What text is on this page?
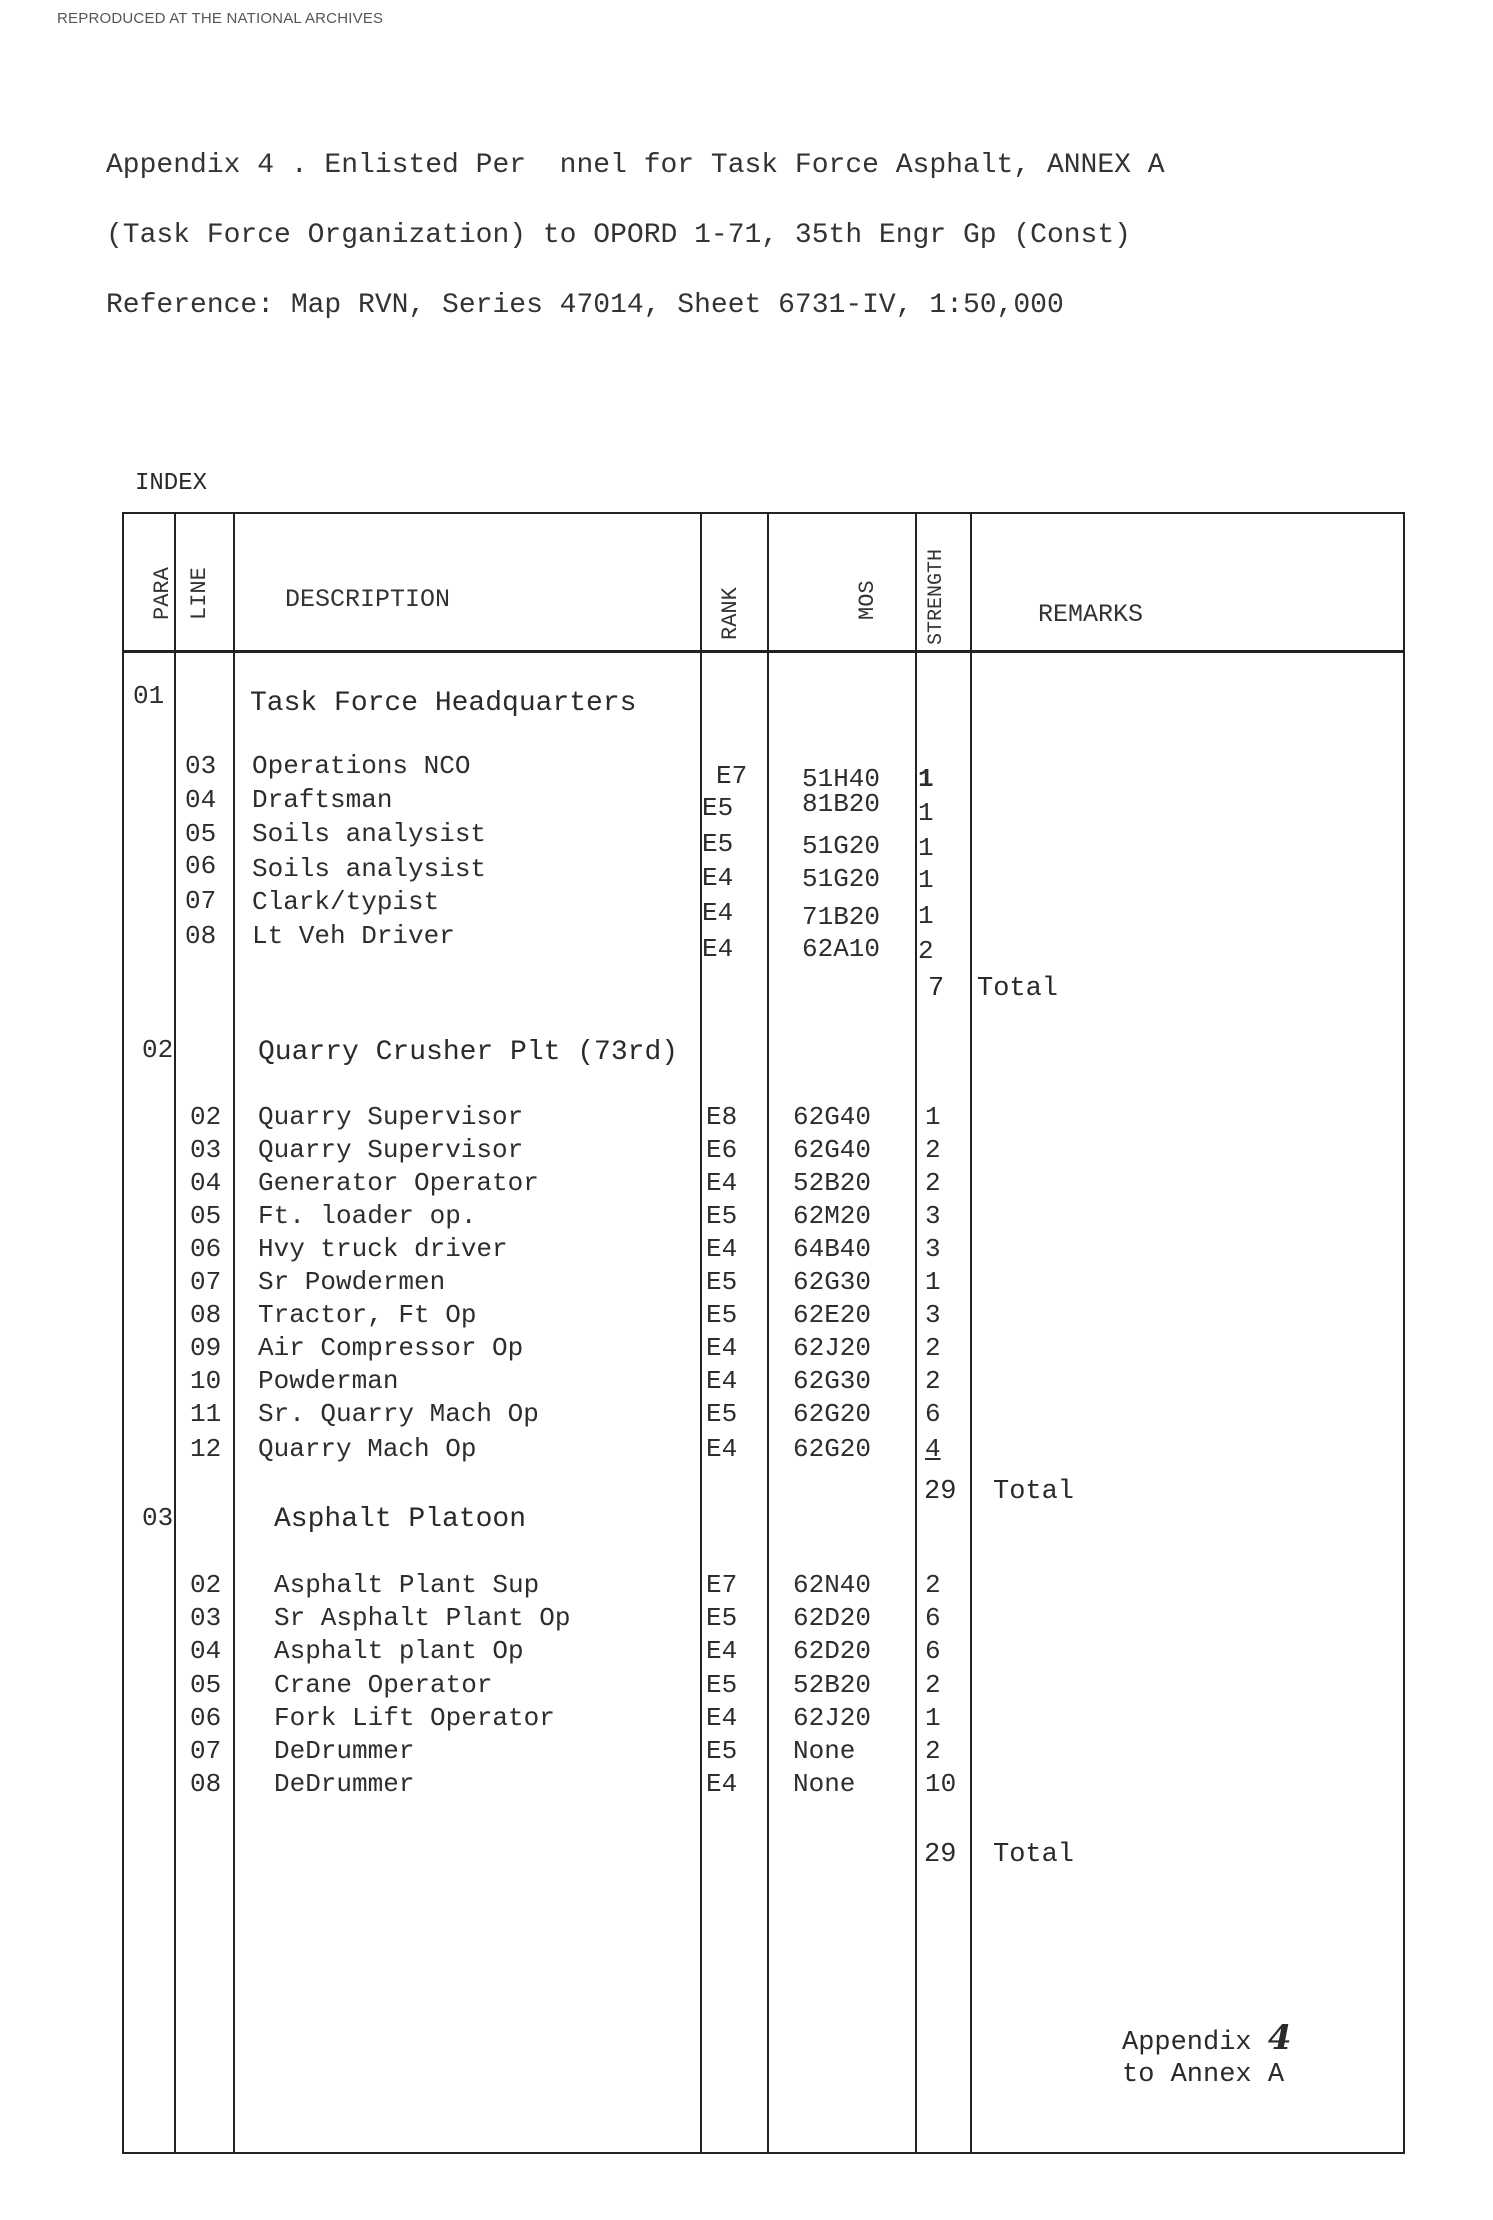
REPRODUCED AT THE NATIONAL ARCHIVES
Appendix 4 . Enlisted Per  nnel for Task Force Asphalt, ANNEX A
(Task Force Organization) to OPORD 1-71, 35th Engr Gp (Const)
Reference: Map RVN, Series 47014, Sheet 6731-IV, 1:50,000
INDEX
PARA LINE	DESCRIPTION	RANK	MOS STRENGTH	REMARKS
01	Task Force Headquarters
03 Operations NCO	E7 51H40 1
04 Draftsman	E5	81B20 1
05 Soils analysist	E5	51G20 1
06 Soils analysist	E4	51G20 1
07 Clark/typist	E4	71B20 1
08 Lt Veh Driver	E4	62A10 2
7 Total
02	Quarry Crusher Plt (73rd)
02 Quarry Supervisor	E8 62G40 1
03 Quarry Supervisor	E6 62G40 2
04 Generator Operator	E4 52B20 2
05 Ft. loader op.	E5 62M20 3
06 Hvy truck driver	E4 64B40 3
07 Sr Powdermen	E5 62G30 1
08 Tractor, Ft Op	E5 62E20 3
09 Air Compressor Op	E4 62J20 2
10 Powderman	E4 62G30 2
11 Sr. Quarry Mach Op	E5 62G20 6
12 Quarry Mach Op	E4 62G20 4
29 Total
03	Asphalt Platoon
02 Asphalt Plant Sup	E7 62N40 2
03 Sr Asphalt Plant Op	E5 62D20 6
04 Asphalt plant Op	E4 62D20 6
05 Crane Operator	E5 52B20 2
06 Fork Lift Operator	E4 62J20 1
07 DeDrummer	E5 None	2
08 DeDrummer	E4 None	10
29 Total
Appendix 4
to Annex A
